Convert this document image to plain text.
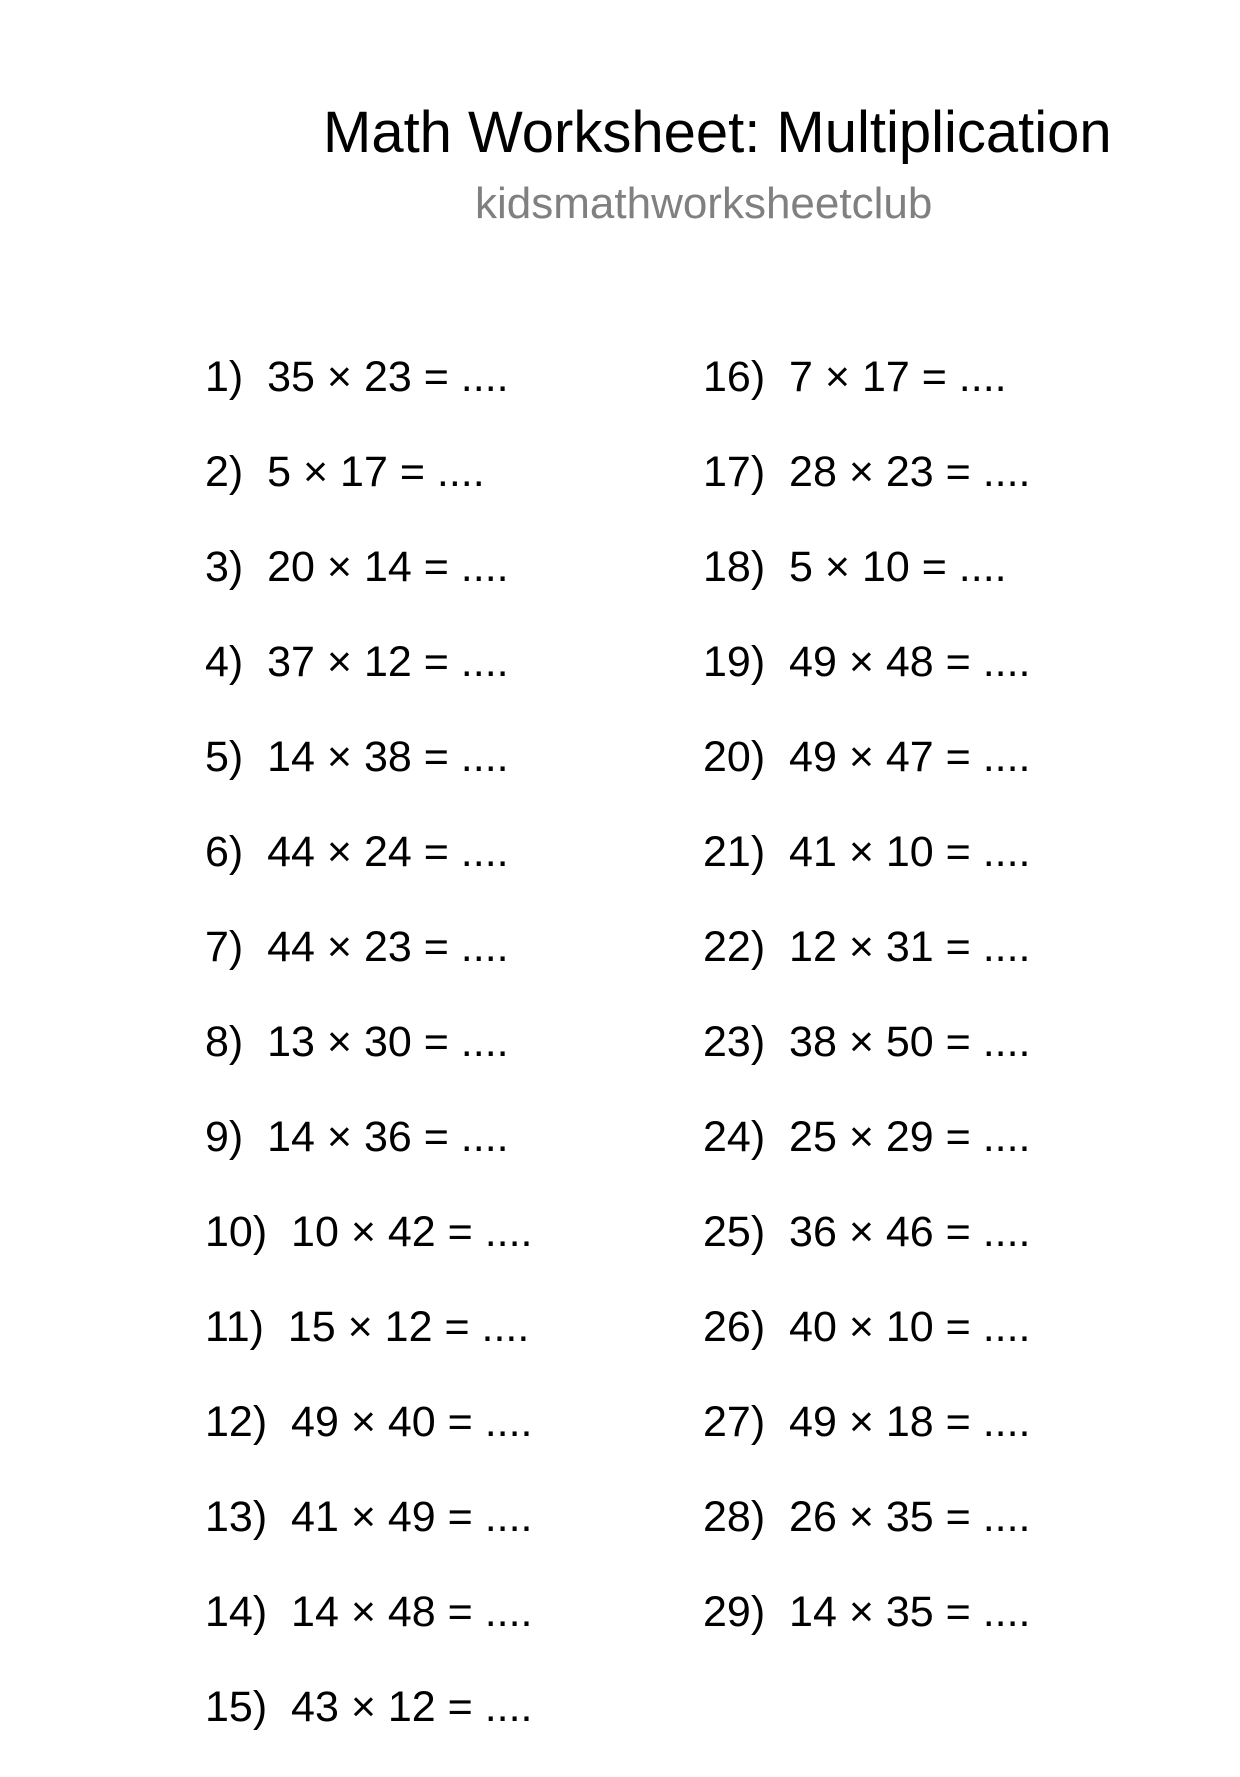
Math Worksheet: Multiplication
kidsmathworksheetclub
1)  35 × 23 = ....
2)  5 × 17 = ....
3)  20 × 14 = ....
4)  37 × 12 = ....
5)  14 × 38 = ....
6)  44 × 24 = ....
7)  44 × 23 = ....
8)  13 × 30 = ....
9)  14 × 36 = ....
10)  10 × 42 = ....
11)  15 × 12 = ....
12)  49 × 40 = ....
13)  41 × 49 = ....
14)  14 × 48 = ....
15)  43 × 12 = ....
16)  7 × 17 = ....
17)  28 × 23 = ....
18)  5 × 10 = ....
19)  49 × 48 = ....
20)  49 × 47 = ....
21)  41 × 10 = ....
22)  12 × 31 = ....
23)  38 × 50 = ....
24)  25 × 29 = ....
25)  36 × 46 = ....
26)  40 × 10 = ....
27)  49 × 18 = ....
28)  26 × 35 = ....
29)  14 × 35 = ....
